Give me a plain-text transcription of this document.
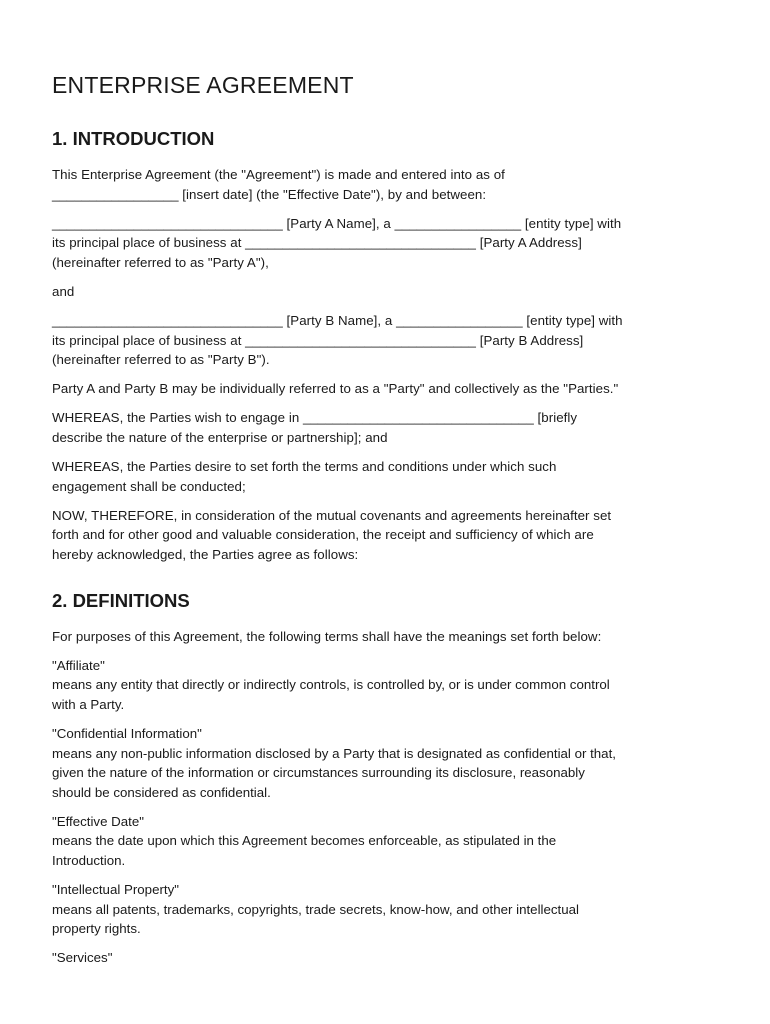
ENTERPRISE AGREEMENT
1. INTRODUCTION

This Enterprise Agreement (the "Agreement") is made and entered into as of
_________________ [insert date] (the "Effective Date"), by and between:

_______________________________ [Party A Name], a _________________ [entity type] with
its principal place of business at _______________________________ [Party A Address]
(hereinafter referred to as "Party A"),

and

_______________________________ [Party B Name], a _________________ [entity type] with
its principal place of business at _______________________________ [Party B Address]
(hereinafter referred to as "Party B").

Party A and Party B may be individually referred to as a "Party" and collectively as the "Parties."

WHEREAS, the Parties wish to engage in _______________________________ [briefly
describe the nature of the enterprise or partnership]; and

WHEREAS, the Parties desire to set forth the terms and conditions under which such
engagement shall be conducted;

NOW, THEREFORE, in consideration of the mutual covenants and agreements hereinafter set
forth and for other good and valuable consideration, the receipt and sufficiency of which are
hereby acknowledged, the Parties agree as follows:

2. DEFINITIONS

For purposes of this Agreement, the following terms shall have the meanings set forth below:

"Affiliate"
means any entity that directly or indirectly controls, is controlled by, or is under common control
with a Party.
"Confidential Information"
means any non-public information disclosed by a Party that is designated as confidential or that,
given the nature of the information or circumstances surrounding its disclosure, reasonably
should be considered as confidential.
"Effective Date"
means the date upon which this Agreement becomes enforceable, as stipulated in the
Introduction.
"Intellectual Property"
means all patents, trademarks, copyrights, trade secrets, know-how, and other intellectual
property rights.
"Services"
